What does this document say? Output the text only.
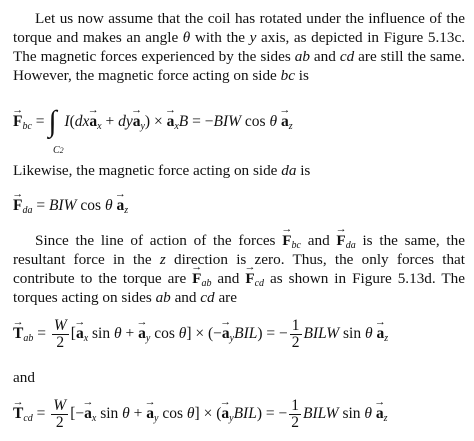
Let us now assume that the coil has rotated under the influence of the
torque and makes an angle θ with the y axis, as depicted in Figure 5.13c.
The magnetic forces experienced by the sides ab and cd are still the same.
However, the magnetic force acting on side bc is
→ $F_{bc}$ = ∫
C2
$I(dx\to a_x + dy\to a_y)$ × → $a_xB = -BIW$ $\cos \theta \to a_z$
Likewise, the magnetic force acting on side da is
→ $F_{da}$ = BIW $\cos \theta \to a_z$
Since the line of action of the forces → $F_{bc}$ and → $F_{da}$ is the same, the
resultant force in the z direction is zero. Thus, the only forces that
contribute to the torque are → $F_{ab}$ and → $F_{cd}$ as shown in Figure 5.13d. The
torques acting on sides ab and cd are
→ $T_{ab} = \frac{W}{2}$ [→ $a_x$ sin θ + → $a_y$ cos θ] × (−→ $a_yBIL$) = − $\frac{1}{2}$ BILW $\sin \theta \to a_z$
and
→ $T_{cd} = \frac{W}{2}$ [−→ $a_x$ sin θ + → $a_y$ cos θ] × (→ $a_yBIL$) = − $\frac{1}{2}$ BILW $\sin \theta \to a_z$
